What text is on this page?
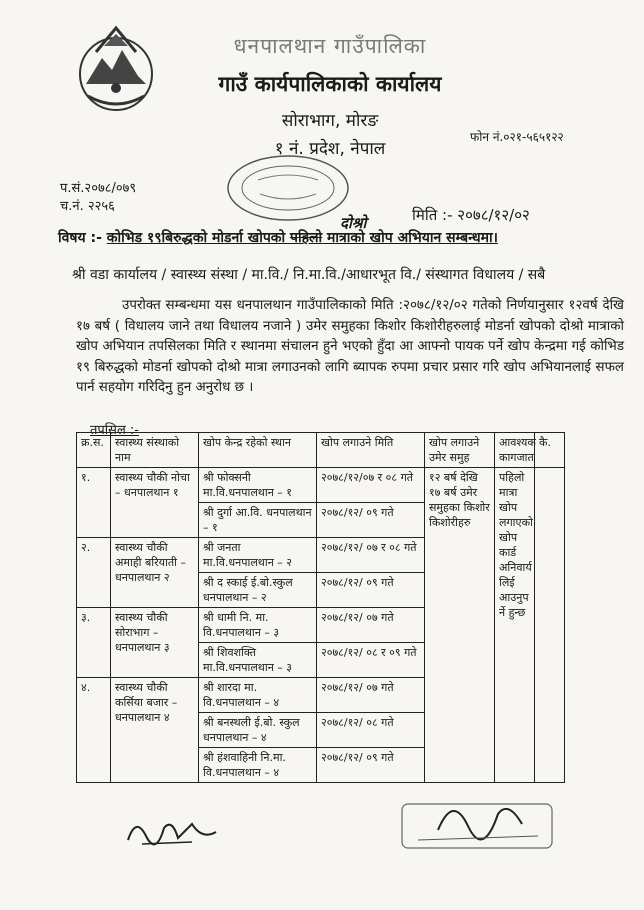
धनपालथान गाउँपालिका
गाउँ कार्यपालिकाको कार्यालय
सोराभाग, मोरङ
१ नं. प्रदेश, नेपाल
फोन नं.०२१-५६५१२२
प.सं.२०७८/०७९
च.नं. २२५६
दोश्रो	मिति :- २०७८/१२/०२
विषय :- कोभिड १९बिरुद्धको मोडर्ना खोपको पहिलो मात्राको खोप अभियान सम्बन्धमा।
श्री वडा कार्यालय / स्वास्थ्य संस्था / मा.वि./ नि.मा.वि./आधारभूत वि./ संस्थागत विधालय / सबै

उपरोक्त सम्बन्धमा यस धनपालथान गाउँपालिकाको मिति :२०७८/१२/०२ गतेको निर्णयानुसार १२वर्ष देखि १७ बर्ष ( विधालय जाने तथा विधालय नजाने ) उमेर समुहका किशोर किशोरीहरुलाई मोडर्ना खोपको दोश्रो मात्राको खोप अभियान तपसिलका मिति र स्थानमा संचालन हुने भएको हुँदा आ आफ्नो पायक पर्ने खोप केन्द्रमा गई कोभिड १९ बिरुद्धको मोडर्ना खोपको दोश्रो मात्रा लगाउनको लागि ब्यापक रुपमा प्रचार प्रसार गरि खोप अभियानलाई सफल पार्न सहयोग गरिदिनु हुन अनुरोध छ ।

तपसिल :-
क्र.स.	स्वास्थ्य संस्थाको नाम	खोप केन्द्र रहेको स्थान	खोप लगाउने मिति	खोप लगाउने उमेर समुह	आवश्यक कागजात	कै.
१.	स्वास्थ्य चौकी नोचा – धनपालथान १	श्री फोक्सनी मा.वि.धनपालथान – १	२०७८/१२/०७ र ०८ गते	१२ बर्ष देखि १७ बर्ष उमेर समुहका किशोर किशोरीहरु	पहिलो मात्रा खोप लगाएको खोप कार्ड अनिवार्य लिई आउनुप र्ने हुन्छ	
		श्री दुर्गा आ.वि. धनपालथान – १	२०७८/१२/ ०९ गते			
२.	स्वास्थ्य चौकी अमाही बरियाती – धनपालथान २	श्री जनता मा.वि.धनपालथान – २	२०७८/१२/ ०७ र ०८ गते			
		श्री द स्काई ई.बो.स्कुल धनपालथान – २	२०७८/१२/ ०९ गते			
३.	स्वास्थ्य चौकी सोराभाग – धनपालथान ३	श्री धामी नि. मा. वि.धनपालथान – ३	२०७८/१२/ ०७ गते			
		श्री शिवशक्ति मा.वि.धनपालथान – ३	२०७८/१२/ ०८ र ०९ गते			
४.	स्वास्थ्य चौकी कर्सिया बजार – धनपालथान ४	श्री शारदा मा. वि.धनपालथान – ४	२०७८/१२/ ०७ गते			
		श्री बनस्थली ई.बो. स्कुल धनपालथान – ४	२०७८/१२/ ०८ गते			
		श्री हंशवाहिनी नि.मा. वि.धनपालथान – ४	२०७८/१२/ ०९ गते			
